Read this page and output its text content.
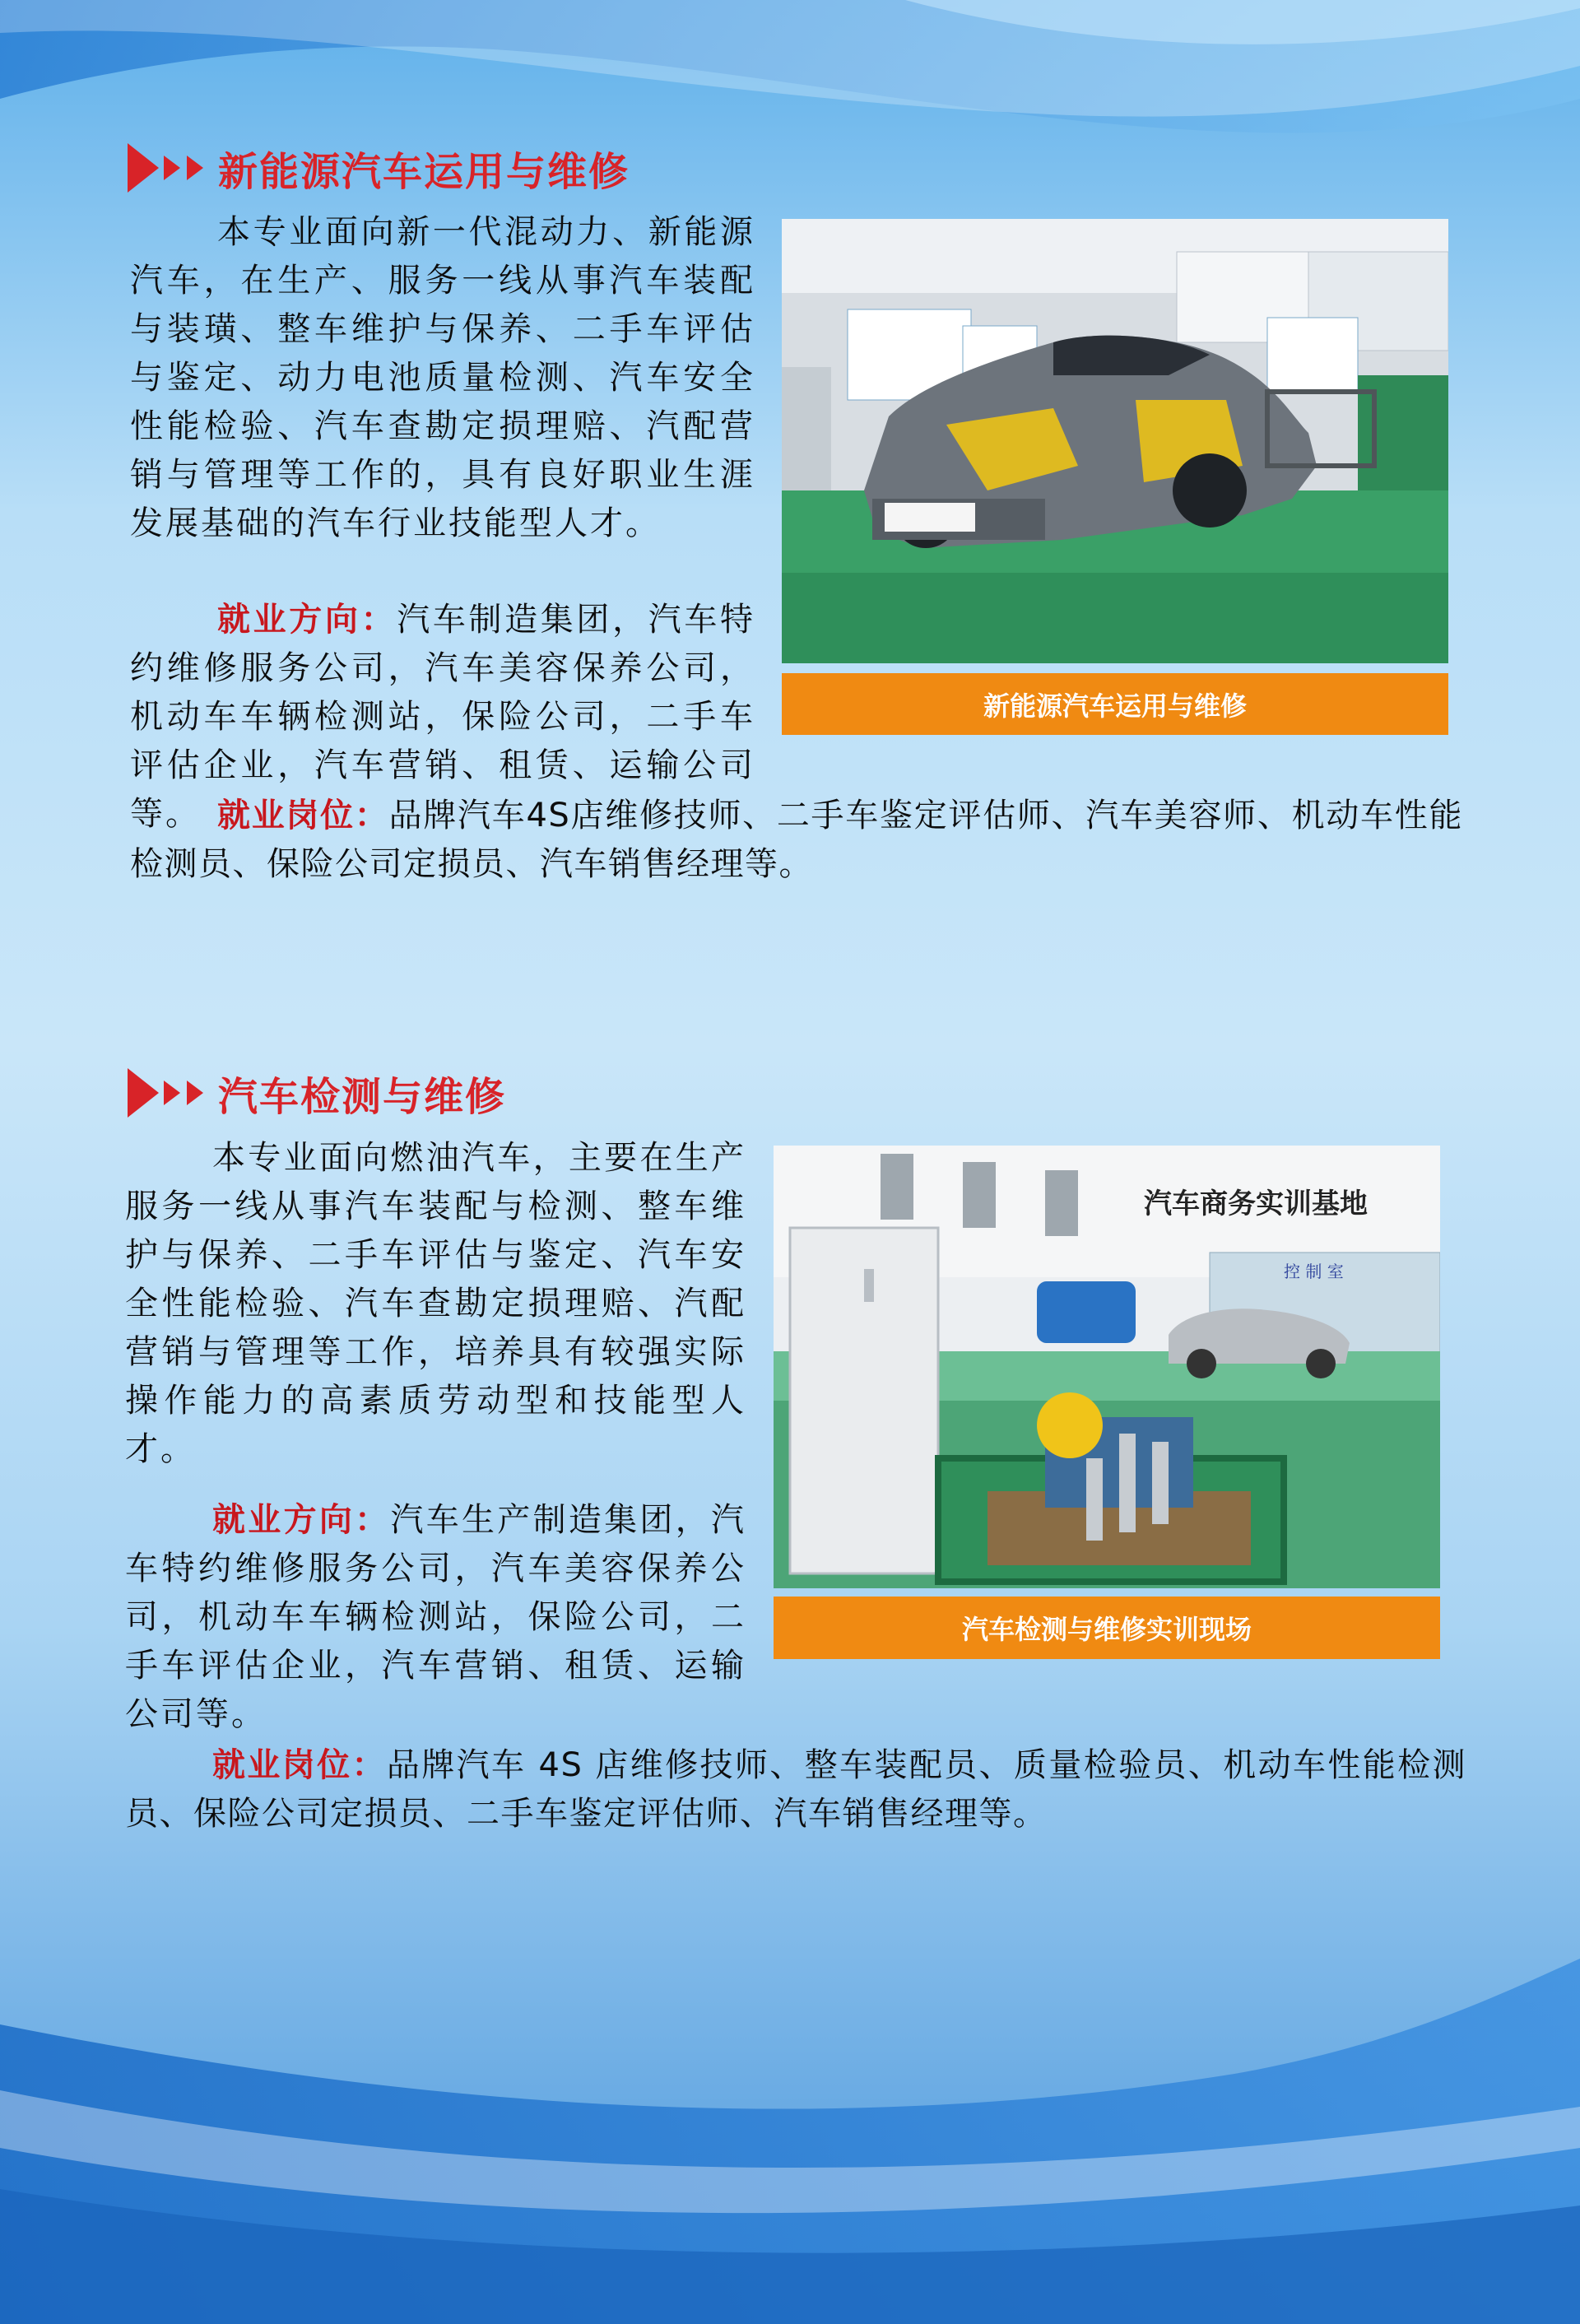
新能源汽车运用与维修
新能源汽车运用与维修

本专业面向新一代混动力、新能源汽车，在生产、服务一线从事汽车装配与装璜、整车维护与保养、二手车评估与鉴定、动力电池质量检测、汽车安全性能检验、汽车查勘定损理赔、汽配营销与管理等工作的，具有良好职业生涯发展基础的汽车行业技能型人才。

就业方向：汽车制造集团，汽车特约维修服务公司，汽车美容保养公司，机动车车辆检测站，保险公司，二手车评估企业，汽车营销、租赁、运输公司等。 就业岗位：品牌汽车4S店维修技师、二手车鉴定评估师、汽车美容师、机动车性能检测员、保险公司定损员、汽车销售经理等。

汽车检测与维修
汽车商务实训基地
控 制 室
汽车检测与维修实训现场

本专业面向燃油汽车，主要在生产服务一线从事汽车装配与检测、整车维护与保养、二手车评估与鉴定、汽车安全性能检验、汽车查勘定损理赔、汽配营销与管理等工作，培养具有较强实际操作能力的高素质劳动型和技能型人才。

就业方向：汽车生产制造集团，汽车特约维修服务公司，汽车美容保养公司，机动车车辆检测站，保险公司，二手车评估企业，汽车营销、租赁、运输公司等。

就业岗位：品牌汽车 4S 店维修技师、整车装配员、质量检验员、机动车性能检测员、保险公司定损员、二手车鉴定评估师、汽车销售经理等。
